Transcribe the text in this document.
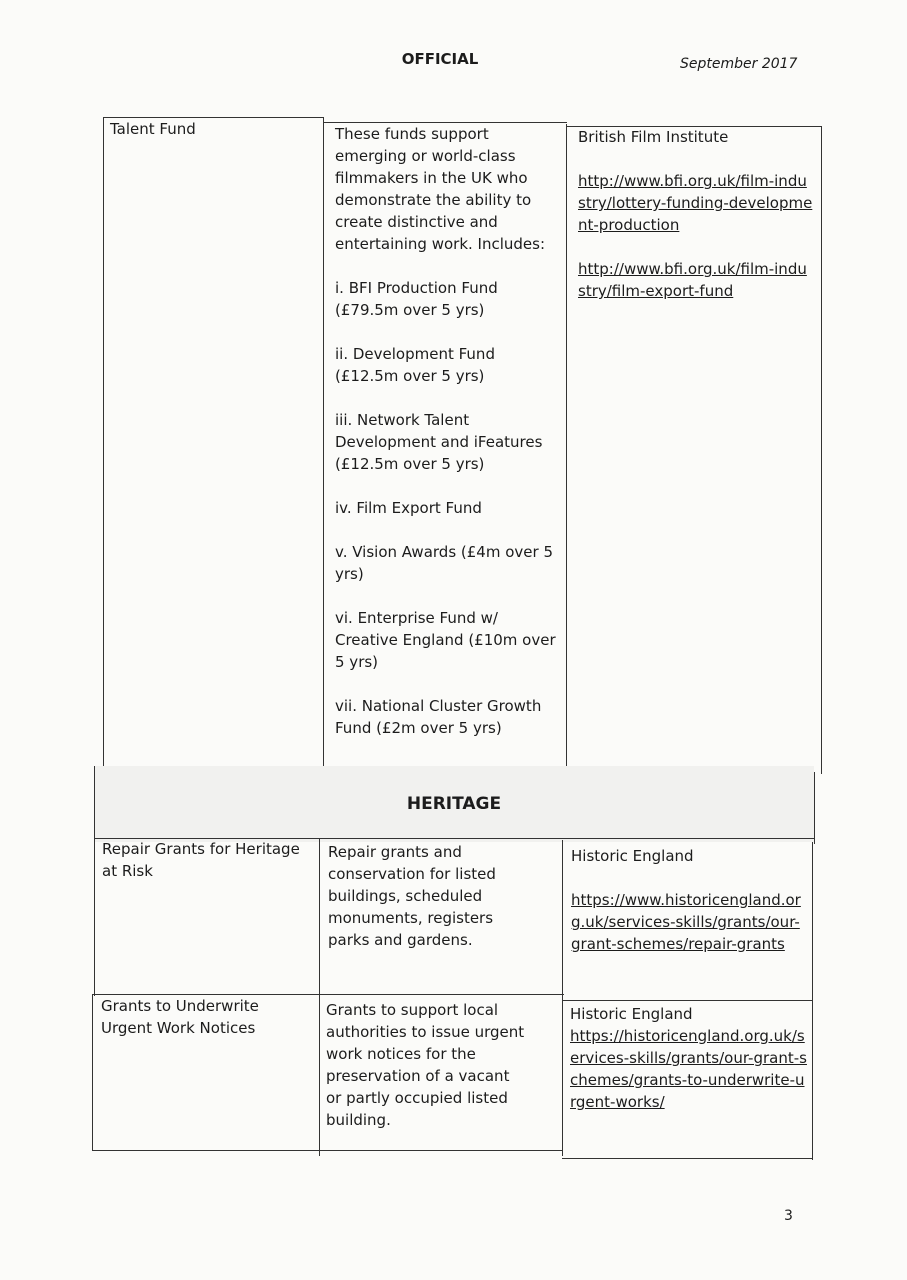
OFFICIAL	September 2017
HERITAGE

Talent Fund	These funds support emerging or world-class filmmakers in the UK who demonstrate the ability to create distinctive and entertaining work. Includes:

i. BFI Production Fund (£79.5m over 5 yrs)

ii. Development Fund (£12.5m over 5 yrs)

iii. Network Talent Development and iFeatures (£12.5m over 5 yrs)

iv. Film Export Fund

v. Vision Awards (£4m over 5 yrs)

vi. Enterprise Fund w/ Creative England (£10m over 5 yrs)

vii. National Cluster Growth Fund (£2m over 5 yrs)

British Film Institute

http://www.bfi.org.uk/film-industry/lottery-funding-development-production

http://www.bfi.org.uk/film-industry/film-export-fund

Repair Grants for Heritage at Risk

Repair grants and conservation for listed buildings, scheduled monuments, registers parks and gardens.

Historic England

https://www.historicengland.org.uk/services-skills/grants/our-grant-schemes/repair-grants

Grants to Underwrite Urgent Work Notices

Grants to support local authorities to issue urgent work notices for the preservation of a vacant or partly occupied listed building.

Historic England

https://historicengland.org.uk/services-skills/grants/our-grant-schemes/grants-to-underwrite-urgent-works/

3
